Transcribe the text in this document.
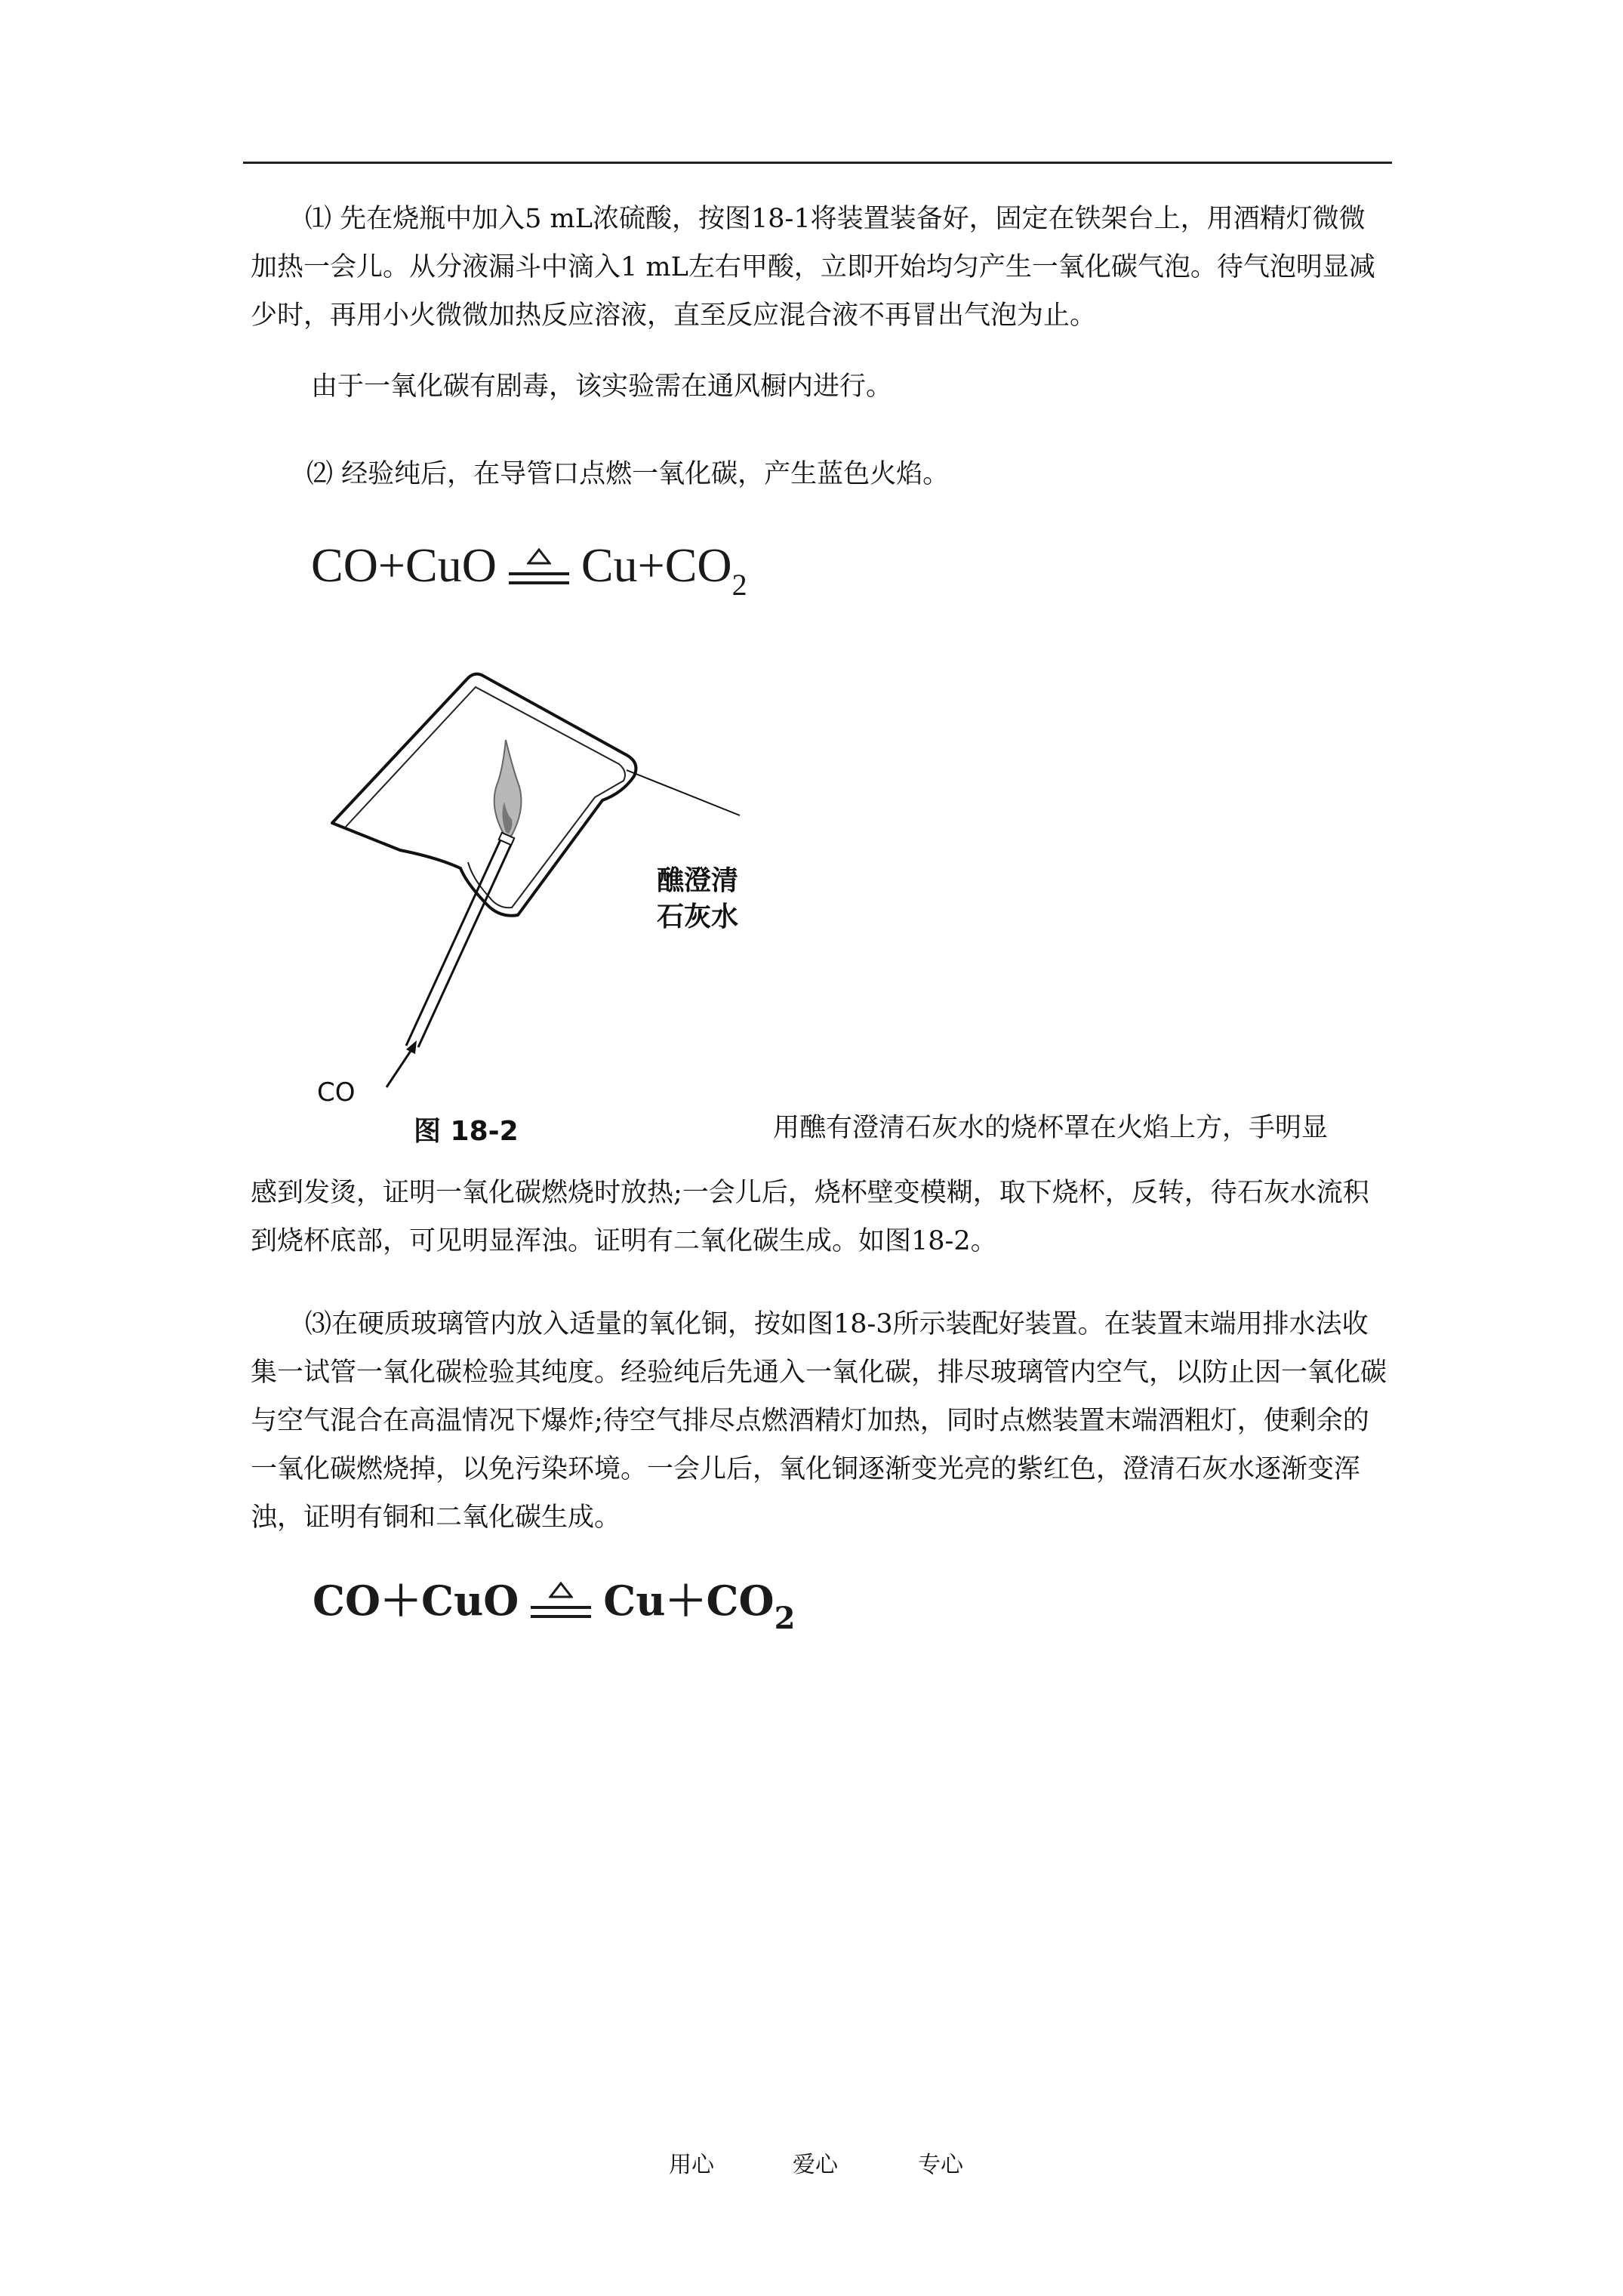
⑴ 先在烧瓶中加入5 mL浓硫酸，按图18-1将装置装备好，固定在铁架台上，用酒精灯微微加热一会儿。从分液漏斗中滴入1 mL左右甲酸，立即开始均匀产生一氧化碳气泡。待气泡明显减少时，再用小火微微加热反应溶液，直至反应混合液不再冒出气泡为止。

由于一氧化碳有剧毒，该实验需在通风橱内进行。

⑵ 经验纯后，在导管口点燃一氧化碳，产生蓝色火焰。

CO+CuO Cu+CO 2
醮澄清
石灰水
CO
图 18-2	用醮有澄清石灰水的烧杯罩在火焰上方，手明显

感到发烫，证明一氧化碳燃烧时放热;一会儿后，烧杯壁变模糊，取下烧杯，反转，待石灰水流积到烧杯底部，可见明显浑浊。证明有二氧化碳生成。如图18-2。

⑶在硬质玻璃管内放入适量的氧化铜，按如图18-3所示装配好装置。在装置末端用排水法收集一试管一氧化碳检验其纯度。经验纯后先通入一氧化碳，排尽玻璃管内空气，以防止因一氧化碳与空气混合在高温情况下爆炸;待空气排尽点燃酒精灯加热，同时点燃装置末端酒粗灯，使剩余的一氧化碳燃烧掉，以免污染环境。一会儿后，氧化铜逐渐变光亮的紫红色，澄清石灰水逐渐变浑浊，证明有铜和二氧化碳生成。

CO＋CuO Cu＋CO 2
用心	爱心	专心
